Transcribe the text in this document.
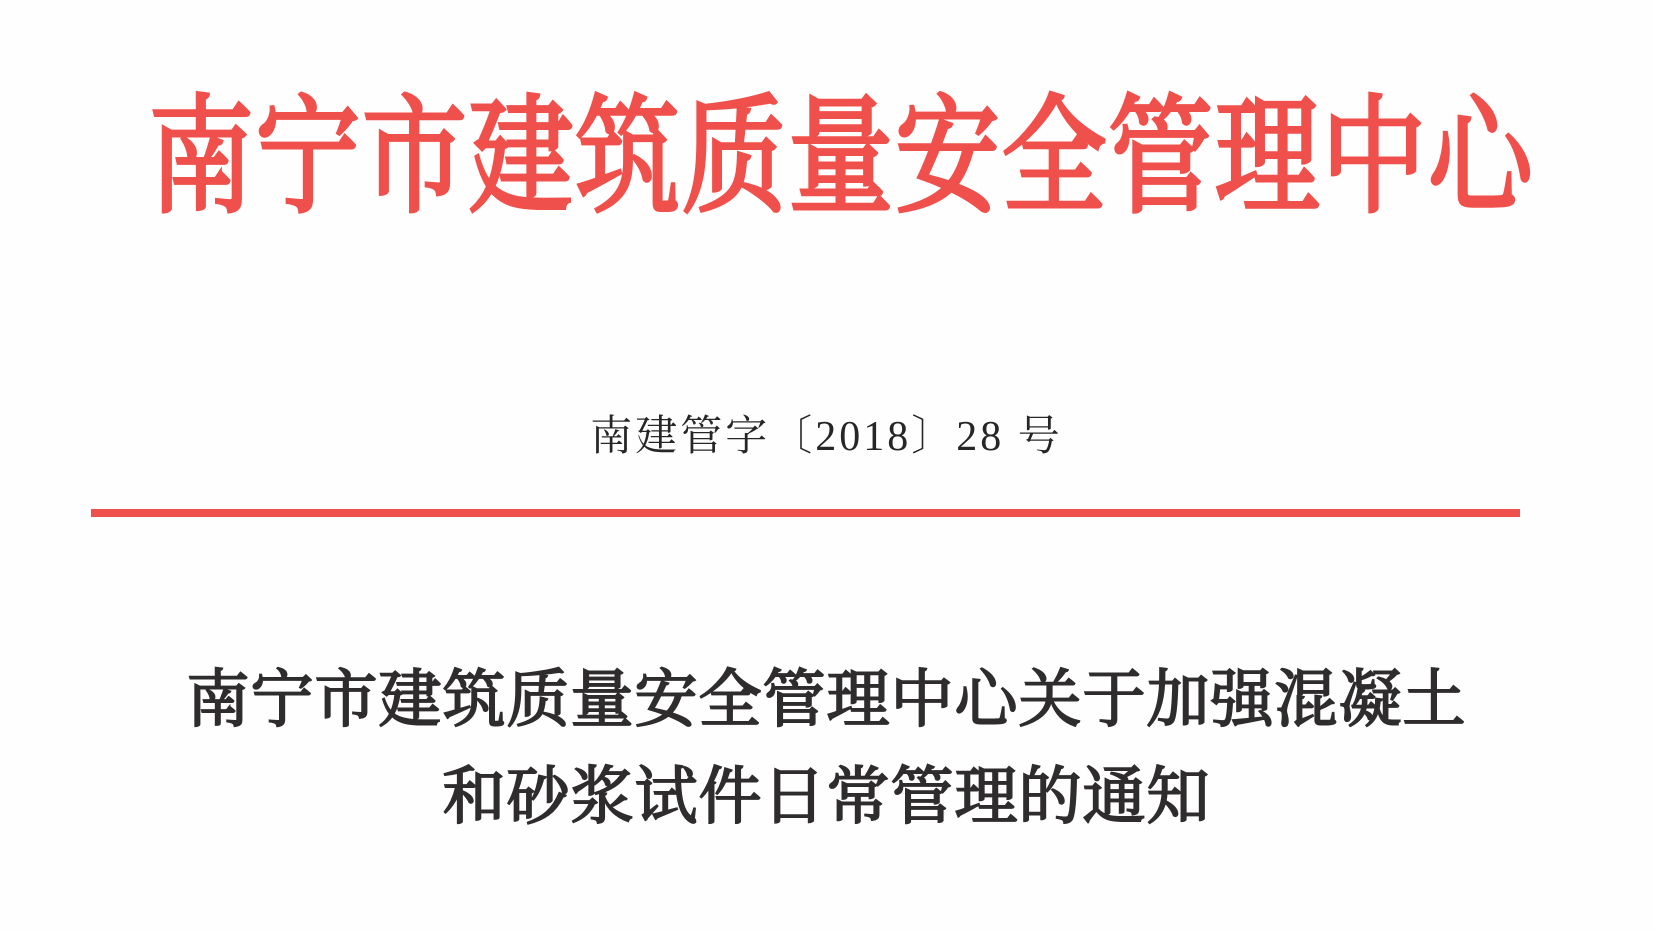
南宁市建筑质量安全管理中心
南建管字〔2018〕28 号
南宁市建筑质量安全管理中心关于加强混凝土
和砂浆试件日常管理的通知
